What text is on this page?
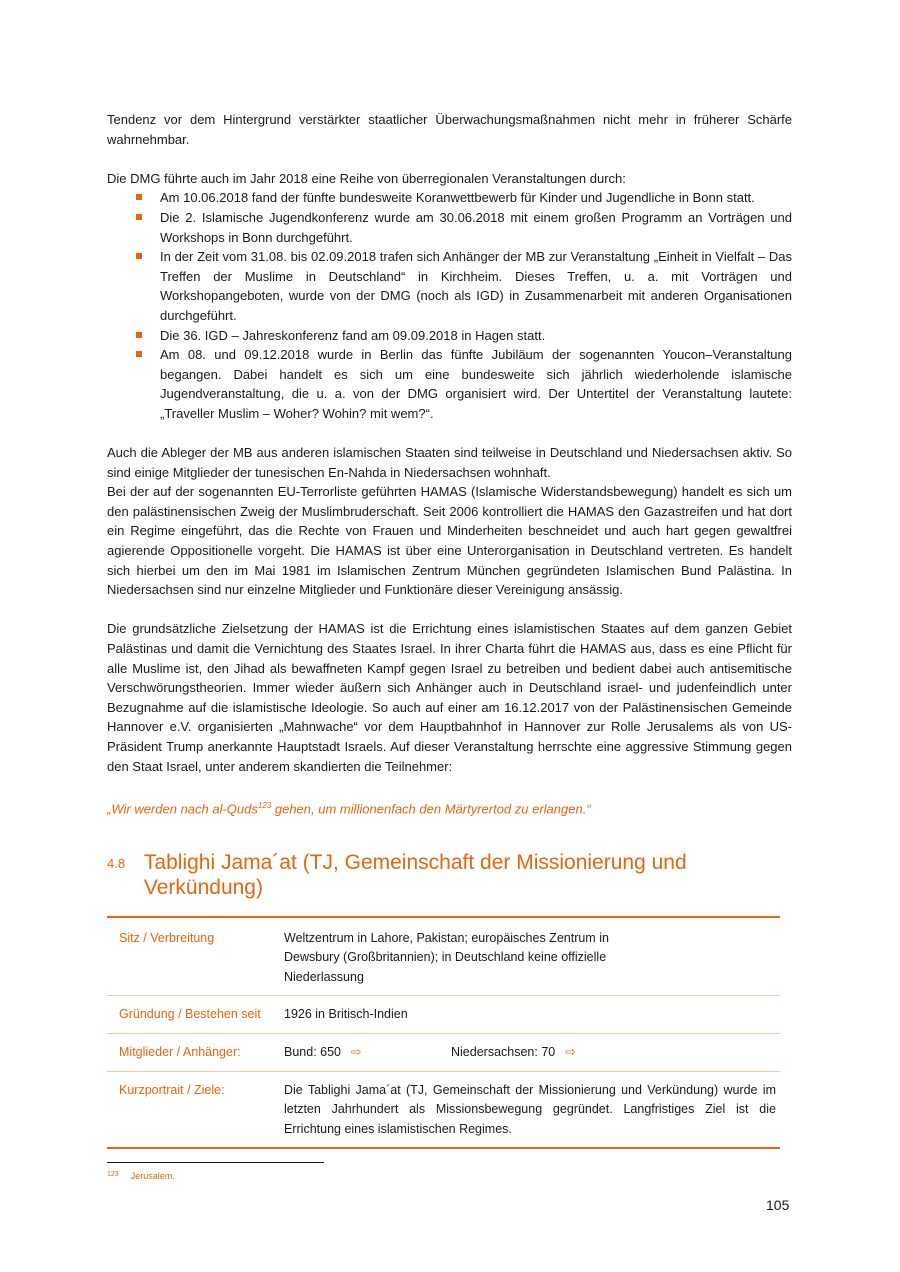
Tendenz vor dem Hintergrund verstärkter staatlicher Überwachungsmaßnahmen nicht mehr in früherer Schärfe wahrnehmbar.

Die DMG führte auch im Jahr 2018 eine Reihe von überregionalen Veranstaltungen durch:

Am 10.06.2018 fand der fünfte bundesweite Koranwettbewerb für Kinder und Jugendliche in Bonn statt.
Die 2. Islamische Jugendkonferenz wurde am 30.06.2018 mit einem großen Programm an Vorträgen und Workshops in Bonn durchgeführt.
In der Zeit vom 31.08. bis 02.09.2018 trafen sich Anhänger der MB zur Veranstaltung „Einheit in Vielfalt – Das Treffen der Muslime in Deutschland“ in Kirchheim. Dieses Treffen, u. a. mit Vorträgen und Workshopangeboten, wurde von der DMG (noch als IGD) in Zusammenarbeit mit anderen Organisationen durchgeführt.
Die 36. IGD – Jahreskonferenz fand am 09.09.2018 in Hagen statt.
Am 08. und 09.12.2018 wurde in Berlin das fünfte Jubiläum der sogenannten Youcon–Veranstaltung begangen. Dabei handelt es sich um eine bundesweite sich jährlich wiederholende islamische Jugendveranstaltung, die u. a. von der DMG organisiert wird. Der Untertitel der Veranstaltung lautete: „Traveller Muslim – Woher? Wohin? mit wem?“.

Auch die Ableger der MB aus anderen islamischen Staaten sind teilweise in Deutschland und Niedersachsen aktiv. So sind einige Mitglieder der tunesischen En-Nahda in Niedersachsen wohnhaft.

Bei der auf der sogenannten EU-Terrorliste geführten HAMAS (Islamische Widerstandsbewegung) handelt es sich um den palästinensischen Zweig der Muslimbruderschaft. Seit 2006 kontrolliert die HAMAS den Gazastreifen und hat dort ein Regime eingeführt, das die Rechte von Frauen und Minderheiten beschneidet und auch hart gegen gewaltfrei agierende Oppositionelle vorgeht. Die HAMAS ist über eine Unterorganisation in Deutschland vertreten. Es handelt sich hierbei um den im Mai 1981 im Islamischen Zentrum München gegründeten Islamischen Bund Palästina. In Niedersachsen sind nur einzelne Mitglieder und Funktionäre dieser Vereinigung ansässig.

Die grundsätzliche Zielsetzung der HAMAS ist die Errichtung eines islamistischen Staates auf dem ganzen Gebiet Palästinas und damit die Vernichtung des Staates Israel. In ihrer Charta führt die HAMAS aus, dass es eine Pflicht für alle Muslime ist, den Jihad als bewaffneten Kampf gegen Israel zu betreiben und bedient dabei auch antisemitische Verschwörungstheorien. Immer wieder äußern sich Anhänger auch in Deutschland israel- und judenfeindlich unter Bezugnahme auf die islamistische Ideologie. So auch auf einer am 16.12.2017 von der Palästinensischen Gemeinde Hannover e.V. organisierten „Mahnwache“ vor dem Hauptbahnhof in Hannover zur Rolle Jerusalems als von US-Präsident Trump anerkannte Hauptstadt Israels. Auf dieser Veranstaltung herrschte eine aggressive Stimmung gegen den Staat Israel, unter anderem skandierten die Teilnehmer:

„Wir werden nach al-Quds$^{123}$ gehen, um millionenfach den Märtyrertod zu erlangen.“
4.8 Tablighi Jama´at (TJ, Gemeinschaft der Missionierung und Verkündung)
Sitz / Verbreitung	Weltzentrum in Lahore, Pakistan; europäisches Zentrum in Dewsbury (Großbritannien); in Deutschland keine offizielle Niederlassung

Gründung / Bestehen seit	1926 in Britisch-Indien
Mitglieder / Anhänger:	Bund: 650 ⇨ Niedersachsen: 70 ⇨

Kurzportrait / Ziele:	Die Tablighi Jama´at (TJ, Gemeinschaft der Missionierung und Verkündung) wurde im letzten Jahrhundert als Missionsbewegung gegründet. Langfristiges Ziel ist die Errichtung eines islamistischen Regimes.
$^{123}$ Jerusalem.
105
